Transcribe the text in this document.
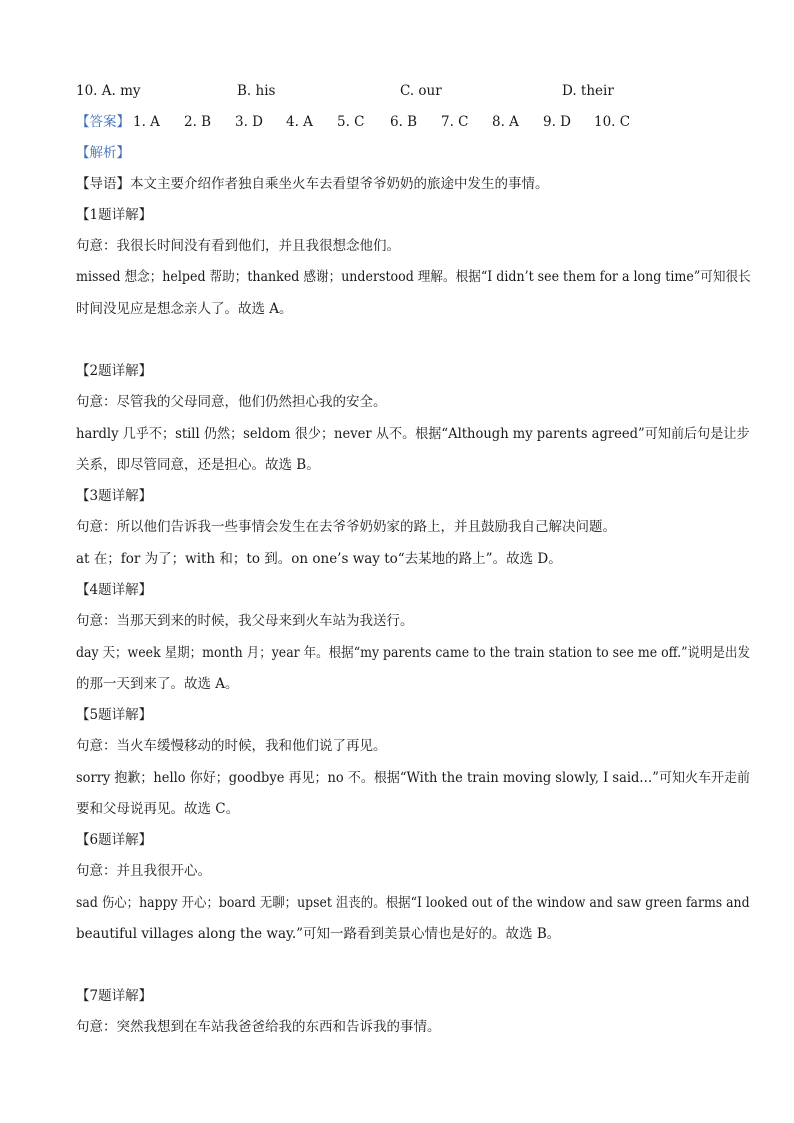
10. A. my	B. his	C. our	D. their
【答案】 1. A 2. B 3. D 4. A 5. C 6. B 7. C 8. A 9. D 10. C
【解析】
【导语】本文主要介绍作者独自乘坐火车去看望爷爷奶奶的旅途中发生的事情。
【1题详解】
句意：我很长时间没有看到他们，并且我很想念他们。
missed 想念；helped 帮助；thanked 感谢；understood 理解。根据“I didn’t see them for a long time”可知很长
时间没见应是想念亲人了。故选 A。
【2题详解】
句意：尽管我的父母同意，他们仍然担心我的安全。
hardly 几乎不；still 仍然；seldom 很少；never 从不。根据“Although my parents agreed”可知前后句是让步
关系，即尽管同意，还是担心。故选 B。
【3题详解】
句意：所以他们告诉我一些事情会发生在去爷爷奶奶家的路上，并且鼓励我自己解决问题。
at 在；for 为了；with 和；to 到。on one’s way to“去某地的路上”。故选 D。
【4题详解】
句意：当那天到来的时候，我父母来到火车站为我送行。
day 天；week 星期；month 月；year 年。根据“my parents came to the train station to see me off.”说明是出发
的那一天到来了。故选 A。
【5题详解】
句意：当火车缓慢移动的时候，我和他们说了再见。
sorry 抱歉；hello 你好；goodbye 再见；no 不。根据“With the train moving slowly, I said…”可知火车开走前
要和父母说再见。故选 C。
【6题详解】
句意：并且我很开心。
sad 伤心；happy 开心；board 无聊；upset 沮丧的。根据“I looked out of the window and saw green farms and
beautiful villages along the way.”可知一路看到美景心情也是好的。故选 B。
【7题详解】
句意：突然我想到在车站我爸爸给我的东西和告诉我的事情。
